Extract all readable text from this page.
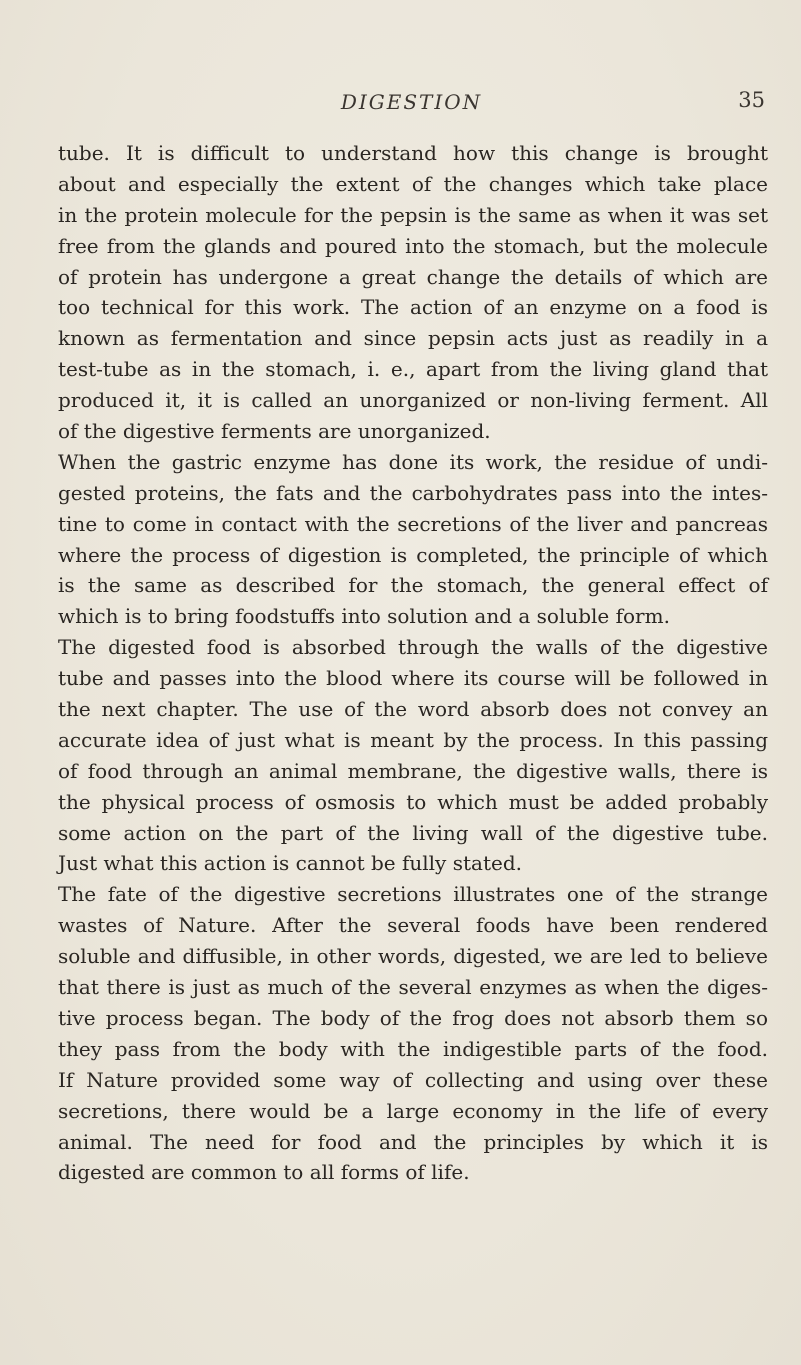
DIGESTION	35
tube. It is difficult to understand how this change is brought
about and especially the extent of the changes which take place
in the protein molecule for the pepsin is the same as when it was set
free from the glands and poured into the stomach, but the molecule
of protein has undergone a great change the details of which are
too technical for this work. The action of an enzyme on a food is
known as fermentation and since pepsin acts just as readily in a
test-tube as in the stomach, i. e., apart from the living gland that
produced it, it is called an unorganized or non-living ferment. All
of the digestive ferments are unorganized.
When the gastric enzyme has done its work, the residue of undi-
gested proteins, the fats and the carbohydrates pass into the intes-
tine to come in contact with the secretions of the liver and pancreas
where the process of digestion is completed, the principle of which
is the same as described for the stomach, the general effect of
which is to bring foodstuffs into solution and a soluble form.
The digested food is absorbed through the walls of the digestive
tube and passes into the blood where its course will be followed in
the next chapter. The use of the word absorb does not convey an
accurate idea of just what is meant by the process. In this passing
of food through an animal membrane, the digestive walls, there is
the physical process of osmosis to which must be added probably
some action on the part of the living wall of the digestive tube.
Just what this action is cannot be fully stated.
The fate of the digestive secretions illustrates one of the strange
wastes of Nature. After the several foods have been rendered
soluble and diffusible, in other words, digested, we are led to believe
that there is just as much of the several enzymes as when the diges-
tive process began. The body of the frog does not absorb them so
they pass from the body with the indigestible parts of the food.
If Nature provided some way of collecting and using over these
secretions, there would be a large economy in the life of every
animal. The need for food and the principles by which it is
digested are common to all forms of life.
